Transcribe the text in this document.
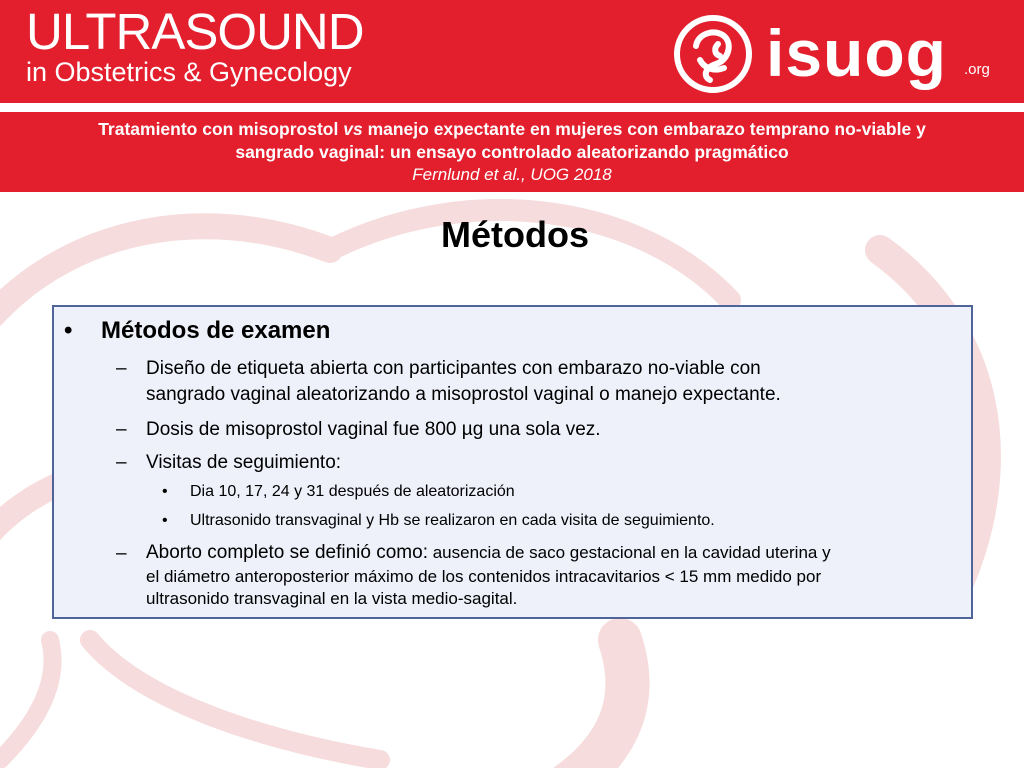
ULTRASOUND
in Obstetrics & Gynecology	isuog .org

Tratamiento con misoprostol vs manejo expectante en mujeres con embarazo temprano no-viable y

sangrado vaginal: un ensayo controlado aleatorizando pragmático

Fernlund et al., UOG 2018

Métodos
• Métodos de examen
– Diseño de etiqueta abierta con participantes con embarazo no-viable con
sangrado vaginal aleatorizando a misoprostol vaginal o manejo expectante.
– Dosis de misoprostol vaginal fue 800 µg una sola vez.
– Visitas de seguimiento:
• Dia 10, 17, 24 y 31 después de aleatorización
• Ultrasonido transvaginal y Hb se realizaron en cada visita de seguimiento.
– Aborto completo se definió como: ausencia de saco gestacional en la cavidad uterina y
el diámetro anteroposterior máximo de los contenidos intracavitarios < 15 mm medido por
ultrasonido transvaginal en la vista medio-sagital.
